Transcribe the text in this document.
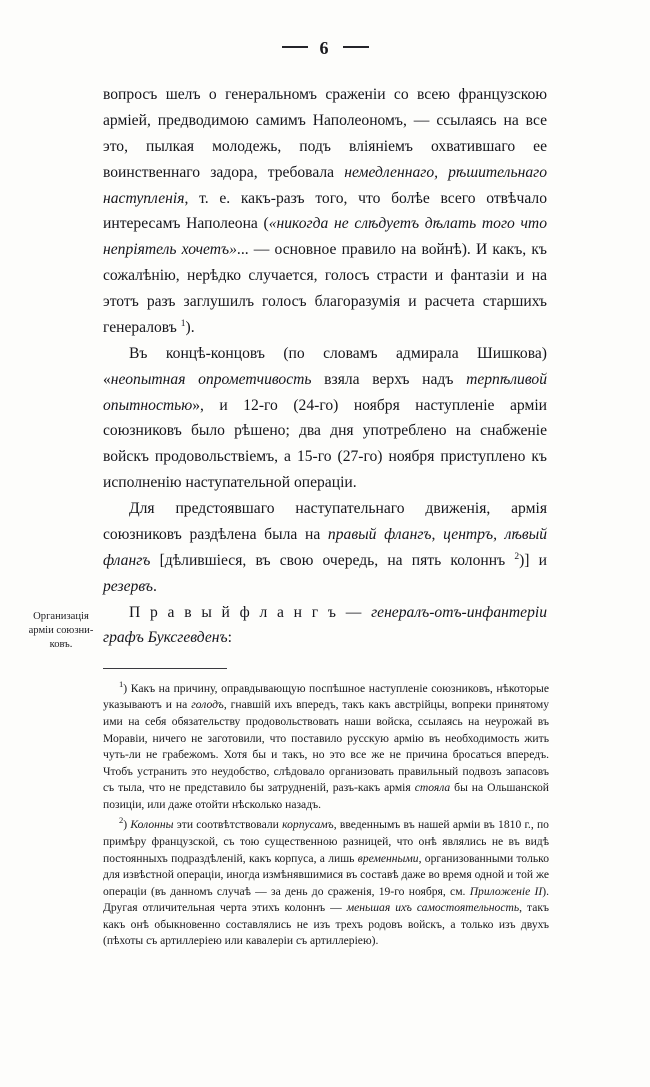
6
Организація арміи союзни-ковъ.

вопросъ шелъ о генеральномъ сраженіи со всею французскою арміей, предводимою самимъ Наполеономъ, — ссылаясь на все это, пылкая молодежь, подъ вліяніемъ охватившаго ее воинственнаго задора, требовала немедленнаго, рѣшительнаго наступленія, т. е. какъ-разъ того, что болѣе всего отвѣчало интересамъ Наполеона («никогда не слѣдуетъ дѣлать того что непріятель хочетъ»... — основное правило на войнѣ). И какъ, къ сожалѣнію, нерѣдко случается, голосъ страсти и фантазіи и на этотъ разъ заглушилъ голосъ благоразумія и расчета старшихъ генераловъ $^1$).

Въ концѣ-концовъ (по словамъ адмирала Шишкова) «неопытная опрометчивость взяла верхъ надъ терпѣливой опытностью», и 12-го (24-го) ноября наступленіе арміи союзниковъ было рѣшено; два дня употреблено на снабженіе войскъ продовольствіемъ, а 15-го (27-го) ноября приступлено къ исполненію наступательной операціи.

Для предстоявшаго наступательнаго движенія, армія союзниковъ раздѣлена была на правый флангъ, центръ, лѣвый флангъ [дѣлившіеся, въ свою очередь, на пять колоннъ $^2$)] и резервъ.

П р а в ы й ф л а н г ъ — генералъ-отъ-инфантеріи графъ Буксгевденъ:

$^1$) Какъ на причину, оправдывающую поспѣшное наступленіе союзниковъ, нѣкоторые указываютъ и на голодъ, гнавшій ихъ впередъ, такъ какъ австрійцы, вопреки принятому ими на себя обязательству продовольствовать наши войска, ссылаясь на неурожай въ Моравіи, ничего не заготовили, что поставило русскую армію въ необходимость жить чуть-ли не грабежомъ. Хотя бы и такъ, но это все же не причина бросаться впередъ. Чтобъ устранить это неудобство, слѣдовало организовать правильный подвозъ запасовъ съ тыла, что не представило бы затрудненій, разъ-какъ армія стояла бы на Ольшанской позиціи, или даже отойти нѣсколько назадъ.

$^2$) Колонны эти соотвѣтствовали корпусамъ, введеннымъ въ нашей арміи въ 1810 г., по примѣру французской, съ тою существенною разницей, что онѣ являлись не въ видѣ постоянныхъ подраздѣленій, какъ корпуса, а лишь временными, организованными только для извѣстной операціи, иногда измѣнявшимися въ составѣ даже во время одной и той же операціи (въ данномъ случаѣ — за день до сраженія, 19-го ноября, см. Приложеніе II). Другая отличительная черта этихъ колоннъ — меньшая ихъ самостоятельность, такъ какъ онѣ обыкновенно составлялись не изъ трехъ родовъ войскъ, а только изъ двухъ (пѣхоты съ артиллеріею или кавалеріи съ артиллеріею).
